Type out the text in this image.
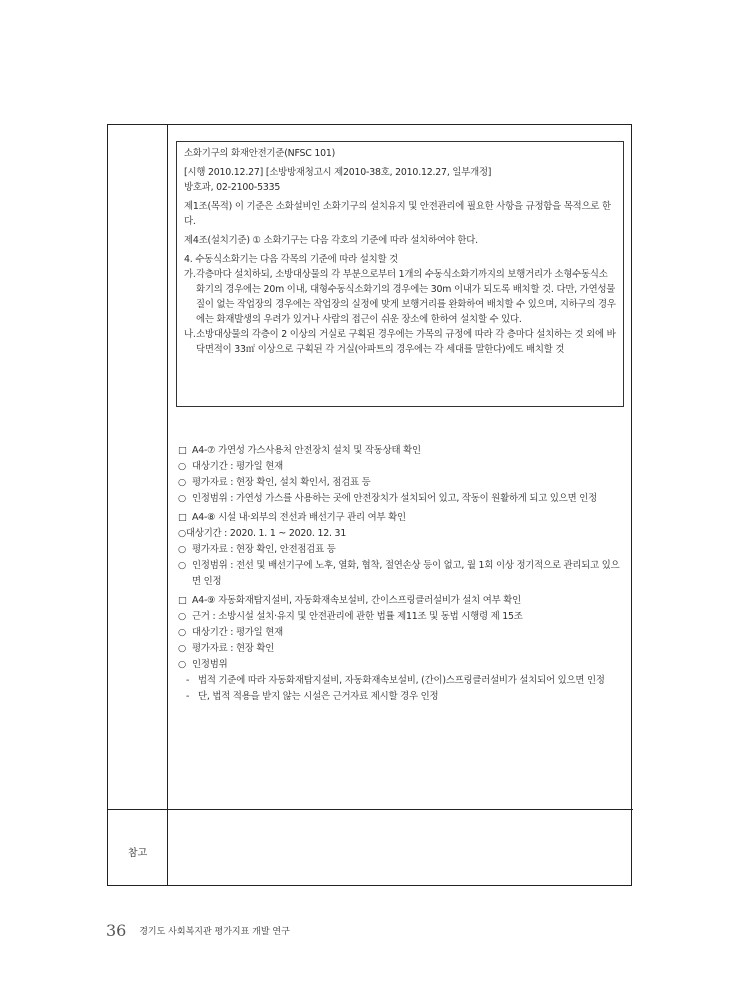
참고

소화기구의 화재안전기준(NFSC 101)

[시행 2010.12.27] [소방방재청고시 제2010-38호, 2010.12.27, 일부개정]

방호과, 02-2100-5335

제1조(목적) 이 기준은 소화설비인 소화기구의 설치유지 및 안전관리에 필요한 사항을 규정함을 목적으로 한다.

제4조(설치기준) ① 소화기구는 다음 각호의 기준에 따라 설치하여야 한다.

4. 수동식소화기는 다음 각목의 기준에 따라 설치할 것

가. 각층마다 설치하되, 소방대상물의 각 부분으로부터 1개의 수동식소화기까지의 보행거리가 소형수동식소화기의 경우에는 20m 이내, 대형수동식소화기의 경우에는 30m 이내가 되도록 배치할 것. 다만, 가연성물질이 없는 작업장의 경우에는 작업장의 실정에 맞게 보행거리를 완화하여 배치할 수 있으며, 지하구의 경우에는 화재발생의 우려가 있거나 사람의 접근이 쉬운 장소에 한하여 설치할 수 있다.
나. 소방대상물의 각층이 2 이상의 거실로 구획된 경우에는 가목의 규정에 따라 각 층마다 설치하는 것 외에 바닥면적이 33㎡ 이상으로 구획된 각 거실(아파트의 경우에는 각 세대를 말한다)에도 배치할 것
□ A4-⑦ 가연성 가스사용처 안전장치 설치 및 작동상태 확인
○ 대상기간 : 평가일 현재
○ 평가자료 : 현장 확인, 설치 확인서, 점검표 등
○ 인정범위 : 가연성 가스를 사용하는 곳에 안전장치가 설치되어 있고, 작동이 원활하게 되고 있으면 인정
□ A4-⑧ 시설 내·외부의 전선과 배선기구 관리 여부 확인

○대상기간 : 2020. 1. 1 ~ 2020. 12. 31

○ 평가자료 : 현장 확인, 안전점검표 등
○ 인정범위 : 전선 및 배선기구에 노후, 열화, 협착, 절연손상 등이 없고, 월 1회 이상 정기적으로 관리되고 있으면 인정
□ A4-⑨ 자동화재탐지설비, 자동화재속보설비, 간이스프링클러설비가 설치 여부 확인
○ 근거 : 소방시설 설치·유지 및 안전관리에 관한 법률 제11조 및 동법 시행령 제 15조
○ 대상기간 : 평가일 현재
○ 평가자료 : 현장 확인
○ 인정범위
- 법적 기준에 따라 자동화재탐지설비, 자동화재속보설비, (간이)스프링클러설비가 설치되어 있으면 인정
- 단, 법적 적용을 받지 않는 시설은 근거자료 제시할 경우 인정
36 경기도 사회복지관 평가지표 개발 연구
